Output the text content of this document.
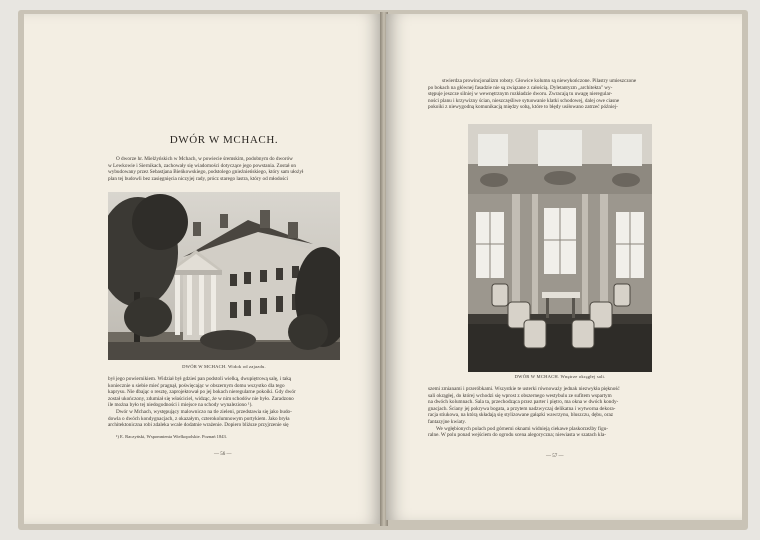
DWÓR W MCHACH.
O dworze hr. Mielżyńskich w Mchach, w powiecie śremskim, podobnym do dworów
w Lewkowie i Siernikach, zachowały się wiadomości dotyczące jego powstania. Został on
wybudowany przez Sebastjana Bieńkowskiego, podstolego gnieźnieńskiego, który sam ułożył
plan tej budowli bez zasięgnięcia niczyjej rady, prócz starego lastra, który od młodości
DWÓR W MCHACH. Widok od zajazdu.
był jego powiernikiem. Widział był gdzieś pan podstoli wielką, dwupiętrową salę, i taką
koniecznie u siebie mieć pragnął, poświęcając w obszernym domu wszystko dla tego
kaprysu. Nie dbając o resztę, zaprojektował po jej bokach nieregularne pokoiki. Gdy dwór
został ukończony, zdumiał się właściciel, widząc, że w nim schodów nie było. Zaradzono
ile można było tej niedogodności i miejsce na schody wynaleziono ¹).
Dwór w Mchach, występujący malowniczo na tle zieleni, przedstawia się jako budo-
dowla o dwóch kondygnacjach, z okazałym, czterokolumnowym portykiem. Jako bryła
architektoniczna robi zdaleka wcale dodatnie wrażenie. Dopiero bliższe przyjrzenie się
¹) E. Raczyński, Wspomnienia Wielkopolskie. Poznań 1843.
— 56 —
stwierdza prowincjonalizm roboty. Głowice kolumn są niewykończone. Pilastry umieszczone
po bokach na głównej fasadzie nie są związane z całością. Dyletantyzm „architekta" wy-
stępuje jeszcze silniej w wewnętrznym rozkładzie dworu. Zwracają tu uwagę nieregular-
ności planu i krzywizny ścian, nieszczęśliwe sytuowanie klatki schodowej, dalej owe ciasne
pokoiki z niewygodną komunikacją między sobą, które to błędy usiłowano zatrzeć później-
DWÓR W MCHACH. Wnętrze okrągłej sali.
szemi zmianami i przeróbkami. Wszystkie te usterki równoważy jednak niezwykła piękność
sali okrągłej, do której wchodzi się wprost z obszernego westybulu ze sufitem wspartym
na dwóch kolumnach. Sala ta, przechodząca przez parter i piętro, ma okna w dwóch kondy-
gnacjach. Ściany jej pokrywa bogata, a przytem nadzwyczaj delikatna i wytworna dekora-
racja stiukowa, na którą składają się stylizowane gałązki wawrzynu, bluszczu, dębu, oraz
fantazyjne kwiaty.
We wgłębionych polach pod górnemi oknami widnieją ciekawe plaskorzeźby figu-
ralne. W polu ponad wejściem do ogrodu scena alegoryczna; niewiasta w szatach kla-
— 57 —
